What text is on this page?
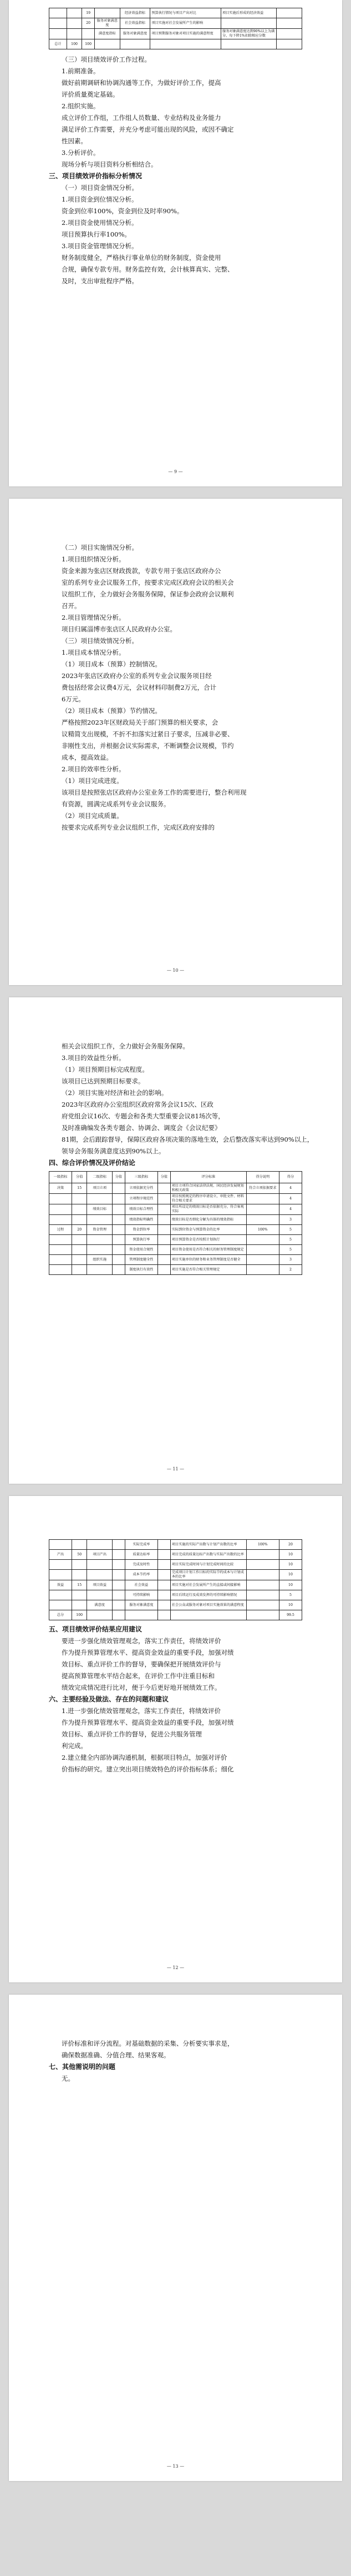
		19		经济效益指标	预算执行情况与项目产出对比	项目实施后形成的经济效益	
		20	服务对象满意度	社会效益指标	项目实施对社会发展所产生的影响		
			满意度指标	服务对象满意度	项目预期服务对象对项目实施的满意程度	服务对象满意度达到90%以上为满分，每下降1%扣除相应分数	
总计	100	100					

（三）项目绩效评价工作过程。

1.前期准备。

做好前期调研和协调沟通等工作，为做好评价工作，提高

评价质量奠定基础。

2.组织实施。

成立评价工作组，工作组人员数量、专业结构及业务能力

满足评价工作需要，并充分考虑可能出现的风险，或因不确定

性因素。

3.分析评价。

现场分析与项目资料分析相结合。

三、项目绩效评价指标分析情况

（一）项目资金情况分析。

1.项目资金到位情况分析。

资金到位率100%，资金到位及时率90%。

2.项目资金使用情况分析。

项目预算执行率100%。

3.项目资金管理情况分析。

财务制度健全，严格执行事业单位的财务制度，资金使用

合规，确保专款专用。财务监控有效，会计核算真实、完整、

及时，支出审批程序严格。

— 9 —

（二）项目实施情况分析。

1.项目组织情况分析。

资金来源为张店区财政拨款，专款专用于张店区政府办公

室的系列专业会议服务工作，按要求完成区政府会议的相关会

议组织工作，全力做好会务服务保障，保证参会政府会议顺利

召开。

2.项目管理情况分析。

项目归属淄博市张店区人民政府办公室。

（三）项目绩效情况分析。

1.项目成本情况分析。

（1）项目成本（预算）控制情况。

2023年张店区政府办公室的系列专业会议服务项目经

费包括经常会议费4万元，会议材料印制费2万元，合计

6万元。

（2）项目成本（预算）节约情况。

严格按照2023年区财政局关于部门预算的相关要求，会

议精简支出规模，不折不扣落实过紧日子要求，压减非必要、

非刚性支出，并根据会议实际需求，不断调整会议规模，节约

成本，提高效益。

2.项目的效率性分析。

（1）项目完成进度。

该项目是按照张店区政府办公室业务工作的需要进行，整合利用现

有资源，圆满完成系列专业会议服务。

（2）项目完成质量。

按要求完成系列专业会议组织工作，完成区政府安排的

— 10 —

相关会议组织工作，全力做好会务服务保障。

3.项目的效益性分析。

（1）项目预期目标完成程度。

该项目已达到预期目标要求。

（2）项目实施对经济和社会的影响。

2023年区政府办公室组织区政府常务会议15次、区政

府党组会议16次、专题会和各类大型重要会议81场次等，

及时准确编发各类专题会、协调会、调度会《会议纪要》

81期，会后跟踪督导，保障区政府各项决策的落地生效，会后整改落实率达到90%以上，

领导会务服务满意度达到90%以上。

四、综合评价情况及评价结论

一级指标	分值	二级指标	分值	三级指标	分值	评分标准	得分说明	得分
决策	15	项目立项		立项依据充分性		项目立项符合国家法律法规、国民经济发展规划和相关政策	符合立项依据要求	4
				立项程序规范性		项目按照规定的程序申请设立，审批文件、材料符合相关要求		4
		绩效目标		绩效目标合理性		项目所设定的绩效目标是否依据充分，符合客观实际		4
				绩效指标明确性		绩效目标是否细化分解为具体的绩效指标		3
过程	20	资金管理		资金到位率		实际到位资金与预算资金的比率	100%	5
				预算执行率		项目预算资金是否按照计划执行		5
				资金使用合规性		项目资金使用是否符合相关的财务管理制度规定		5
		组织实施		管理制度健全性		项目实施单位的财务和业务管理制度是否健全		3
				制度执行有效性		项目实施是否符合相关管理规定		2
— 11 —
				实际完成率		项目实施的实际产出数与计划产出数的比率	100%	20
产出	50	项目产出		质量达标率		项目完成的质量达标产出数与实际产出数的比率		10
				完成及时性		项目实际完成时间与计划完成时间的比较		10
				成本节约率		完成项目计划工作目标的实际节约成本与计划成本的比率		10
效益	15	项目效益		社会效益		项目实施对社会发展所产生的直接或间接影响		10
				可持续影响		项目后续运行及成效发挥的可持续影响情况		5
		满意度		服务对象满意度		社会公众或服务对象对项目实施效果的满意程度		10
总分	100							99.5

五、项目绩效评价结果应用建议

要进一步强化绩效管理观念，落实工作责任，将绩效评价

作为提升预算管理水平、提高资金效益的重要手段，加强对绩

效目标、重点评价工作的督导，要确保把开展绩效评价与

提高预算管理水平结合起来，在评价工作中注重目标和

绩效完成情况进行比对，便于今后更好地开展绩效工作。

六、主要经验及做法、存在的问题和建议

1.进一步强化绩效管理观念，落实工作责任，将绩效评价

作为提升预算管理水平、提高资金效益的重要手段，加强对绩

效目标、重点评价工作的督导，促进公共服务管理

利完成。

2.建立健全内部协调沟通机制，根据项目特点，加强对评价

价指标的研究。建立突出项目绩效特色的评价指标体系；细化

— 12 —

评价标准和评分流程。对基础数据的采集、分析要实事求是，

确保数据准确、分值合理、结果客观。

七、其他需说明的问题

无。

— 13 —
